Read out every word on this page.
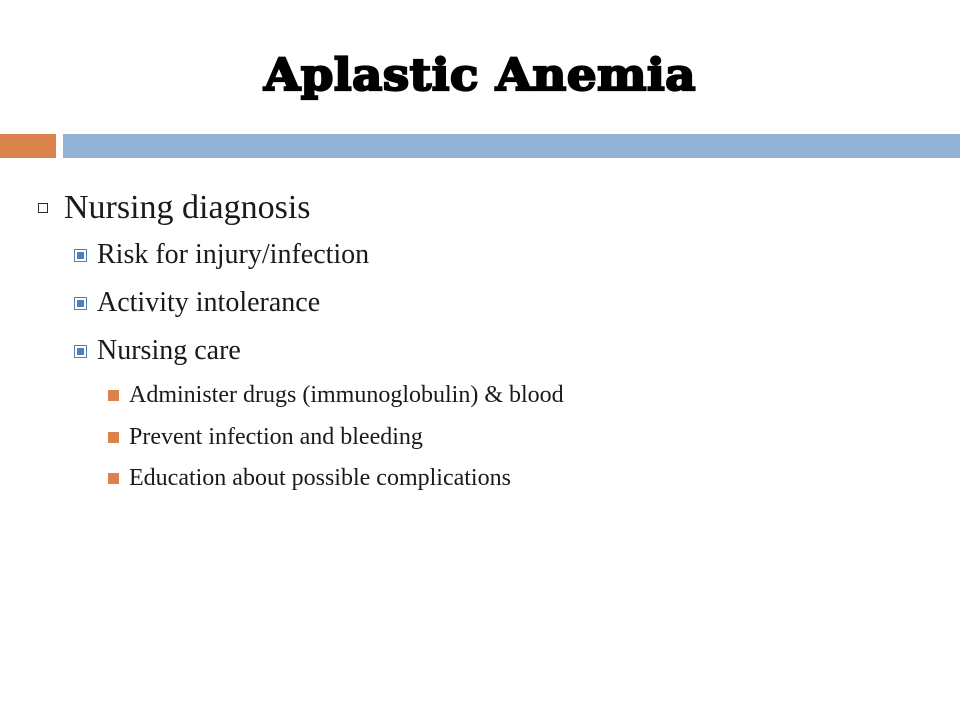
Aplastic Anemia
Nursing diagnosis
Risk for injury/infection
Activity intolerance
Nursing care
Administer drugs (immunoglobulin) & blood
Prevent infection and bleeding
Education about possible complications
